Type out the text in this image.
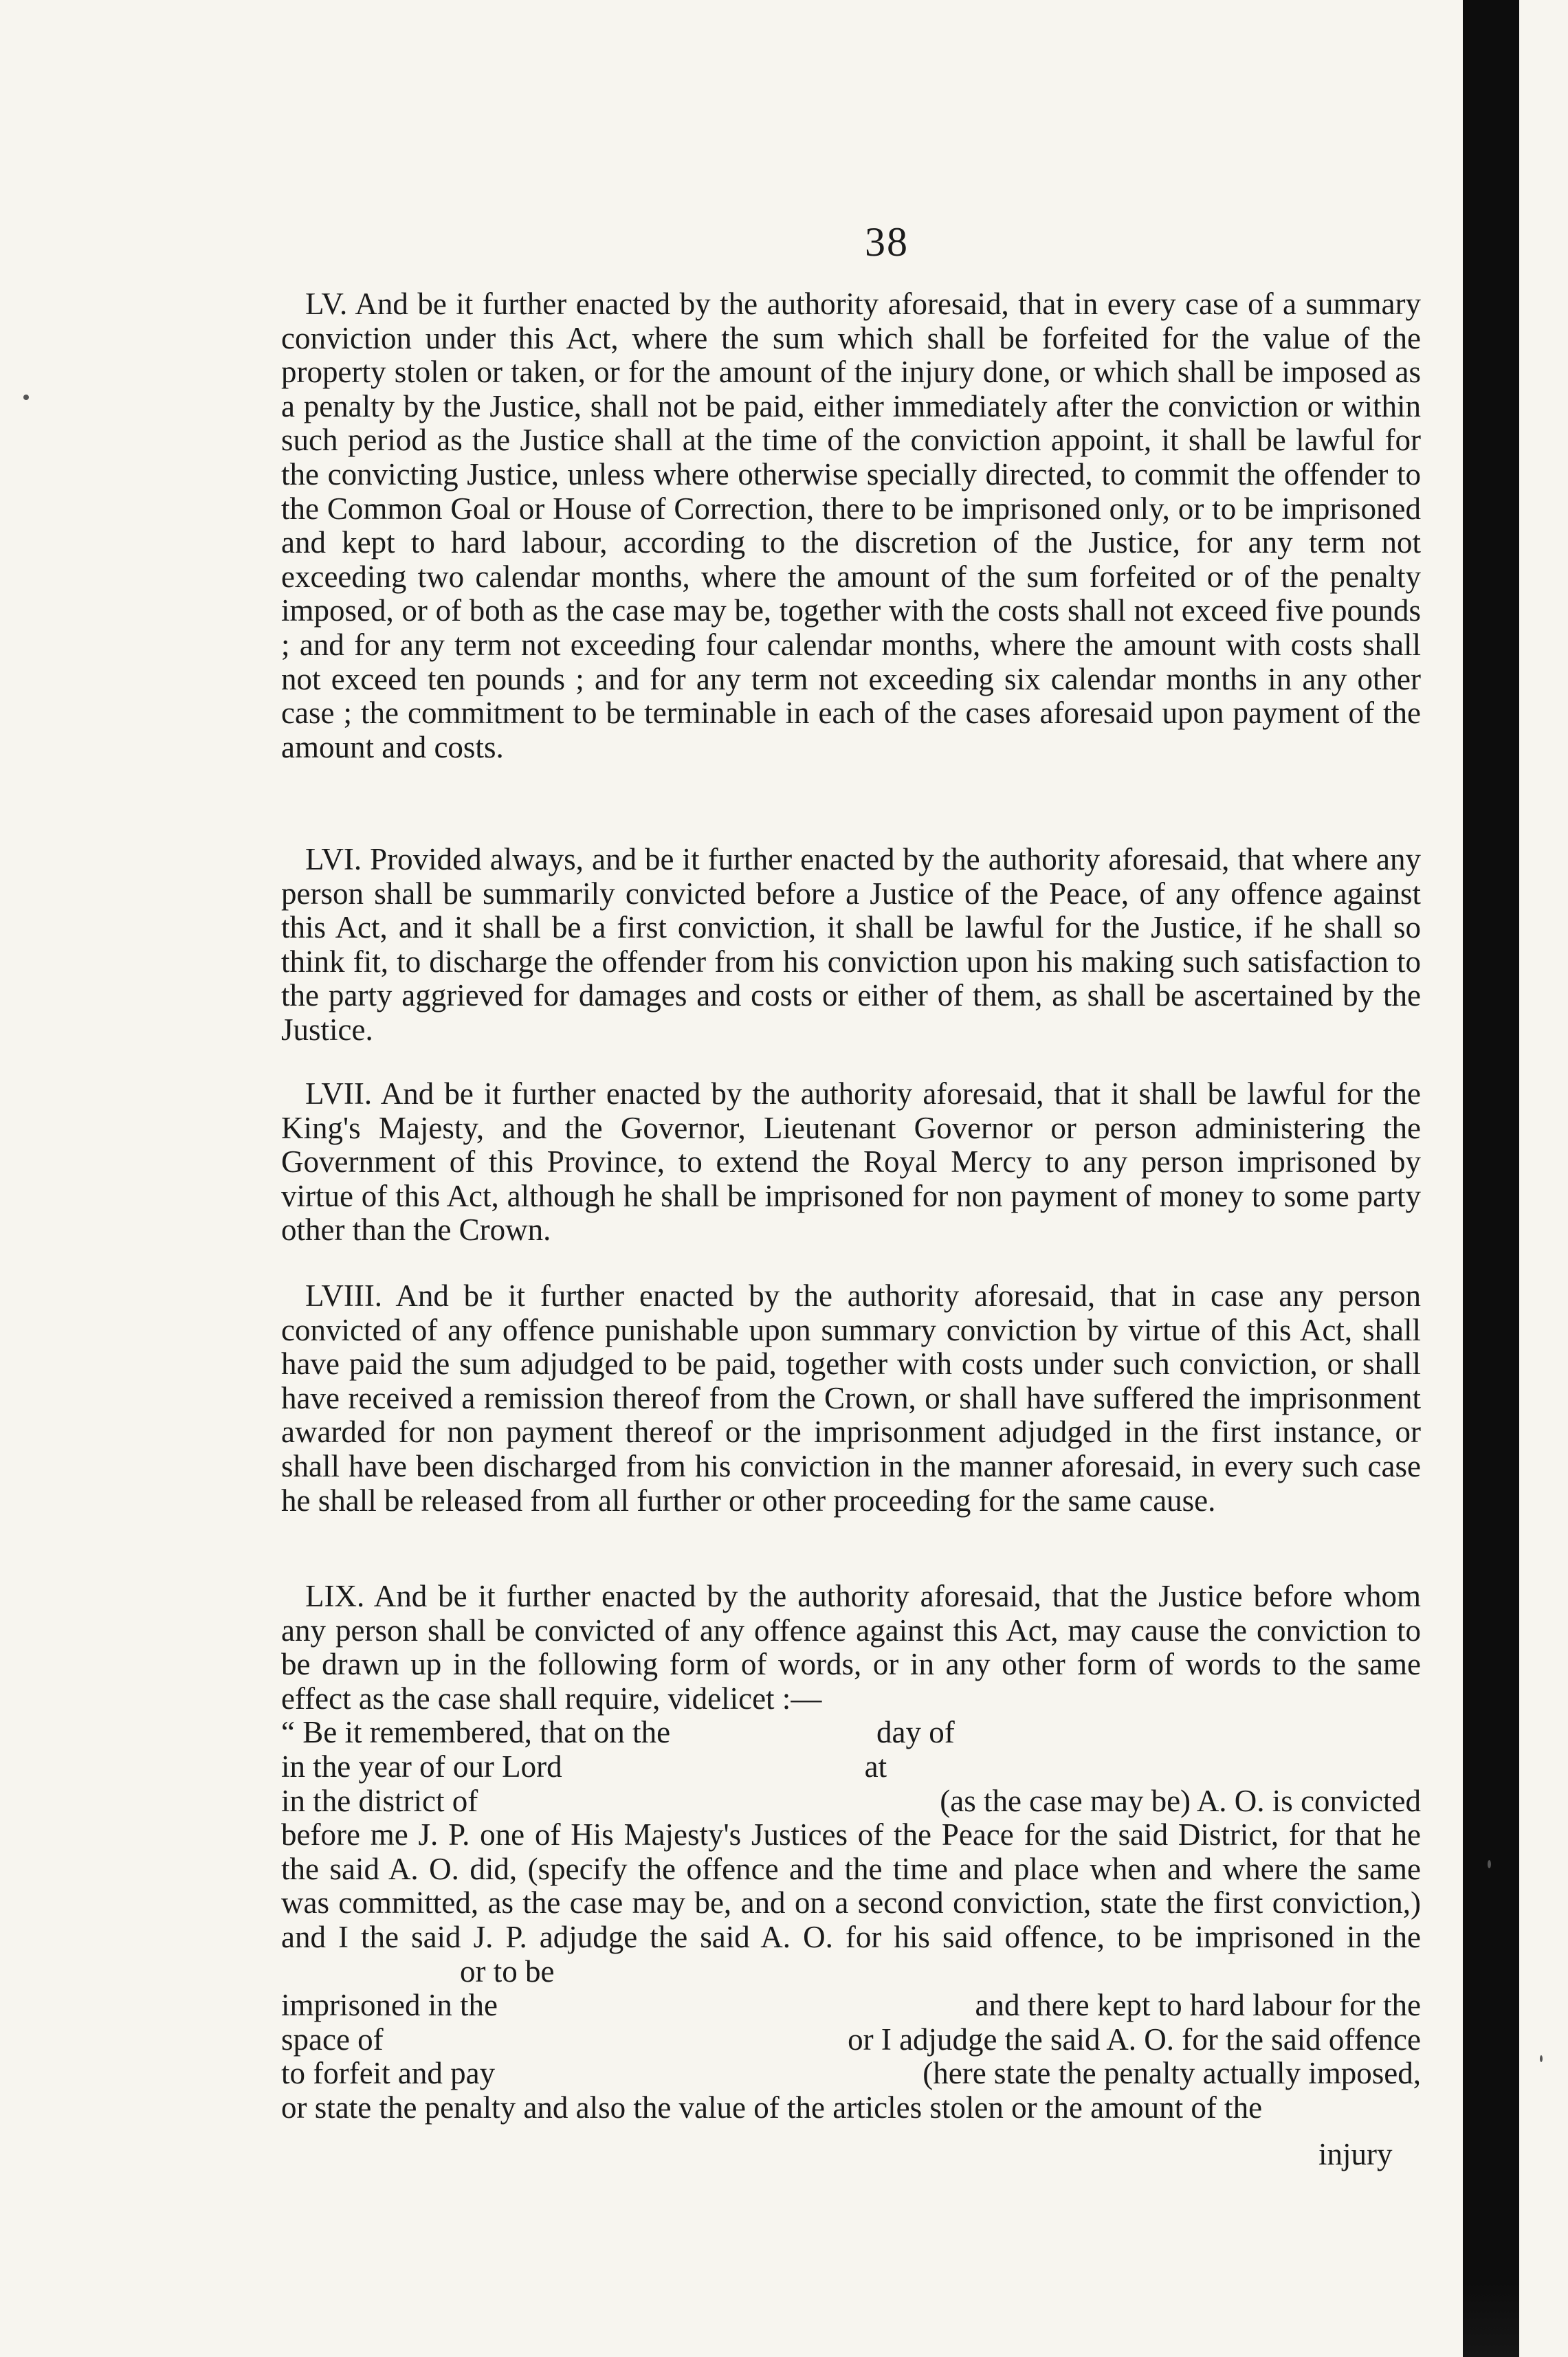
38

LV. And be it further enacted by the authority aforesaid, that in every case of a summary conviction under this Act, where the sum which shall be forfeited for the value of the property stolen or taken, or for the amount of the injury done, or which shall be imposed as a penalty by the Justice, shall not be paid, either immediately after the conviction or within such period as the Justice shall at the time of the conviction appoint, it shall be lawful for the convicting Justice, unless where otherwise specially directed, to commit the offender to the Common Goal or House of Correction, there to be imprisoned only, or to be imprisoned and kept to hard labour, according to the discretion of the Justice, for any term not exceeding two calendar months, where the amount of the sum forfeited or of the penalty imposed, or of both as the case may be, together with the costs shall not exceed five pounds ; and for any term not exceeding four calendar months, where the amount with costs shall not exceed ten pounds ; and for any term not exceeding six calendar months in any other case ; the commitment to be terminable in each of the cases aforesaid upon payment of the amount and costs.

LVI. Provided always, and be it further enacted by the authority aforesaid, that where any person shall be summarily convicted before a Justice of the Peace, of any offence against this Act, and it shall be a first conviction, it shall be lawful for the Justice, if he shall so think fit, to discharge the offender from his conviction upon his making such satisfaction to the party aggrieved for damages and costs or either of them, as shall be ascertained by the Justice.

LVII. And be it further enacted by the authority aforesaid, that it shall be lawful for the King's Majesty, and the Governor, Lieutenant Governor or person administering the Government of this Province, to extend the Royal Mercy to any person imprisoned by virtue of this Act, although he shall be imprisoned for non payment of money to some party other than the Crown.

LVIII. And be it further enacted by the authority aforesaid, that in case any person convicted of any offence punishable upon summary conviction by virtue of this Act, shall have paid the sum adjudged to be paid, together with costs under such conviction, or shall have received a remission thereof from the Crown, or shall have suffered the imprisonment awarded for non payment thereof or the imprisonment adjudged in the first instance, or shall have been discharged from his conviction in the manner aforesaid, in every such case he shall be released from all further or other proceeding for the same cause.

LIX. And be it further enacted by the authority aforesaid, that the Justice before whom any person shall be convicted of any offence against this Act, may cause the conviction to be drawn up in the following form of words, or in any other form of words to the same effect as the case shall require, videlicet :—

“ Be it remembered, that on the	day of
in the year of our Lord	at
in the district of	(as the case may be) A. O. is convicted

before me J. P. one of His Majesty's Justices of the Peace for the said District, for that he the said A. O. did, (specify the offence and the time and place when and where the same was committed, as the case may be, and on a second conviction, state the first conviction,) and I the said J. P. adjudge the said A. O. for his said offence, to be imprisoned in theor to be

imprisoned in the	and there kept to hard labour for the
space of	or I adjudge the said A. O. for the said offence
to forfeit and pay	(here state the penalty actually imposed,
or state the penalty and also the value of the articles stolen or the amount of the
injury
